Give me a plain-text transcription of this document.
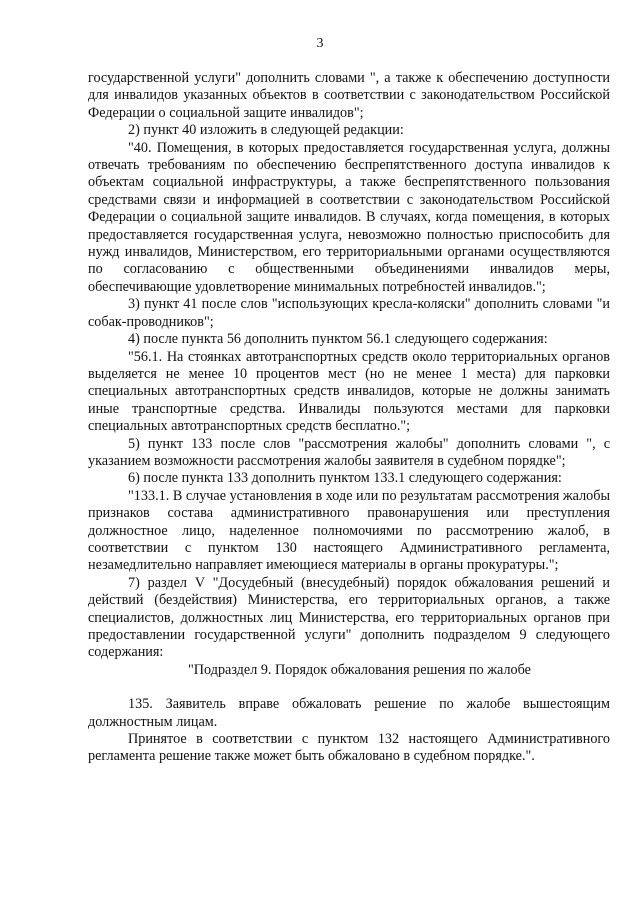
3

государственной услуги" дополнить словами ", а также к обеспечению доступности для инвалидов указанных объектов в соответствии с законодательством Российской Федерации о социальной защите инвалидов";

2) пункт 40 изложить в следующей редакции:

"40. Помещения, в которых предоставляется государственная услуга, должны отвечать требованиям по обеспечению беспрепятственного доступа инвалидов к объектам социальной инфраструктуры, а также беспрепятственного пользования средствами связи и информацией в соответствии с законодательством Российской Федерации о социальной защите инвалидов. В случаях, когда помещения, в которых предоставляется государственная услуга, невозможно полностью приспособить для нужд инвалидов, Министерством, его территориальными органами осуществляются по согласованию с общественными объединениями инвалидов меры, обеспечивающие удовлетворение минимальных потребностей инвалидов.";

3) пункт 41 после слов "использующих кресла-коляски" дополнить словами "и собак-проводников";

4) после пункта 56 дополнить пунктом 56.1 следующего содержания:

"56.1. На стоянках автотранспортных средств около территориальных органов выделяется не менее 10 процентов мест (но не менее 1 места) для парковки специальных автотранспортных средств инвалидов, которые не должны занимать иные транспортные средства. Инвалиды пользуются местами для парковки специальных автотранспортных средств бесплатно.";

5) пункт 133 после слов "рассмотрения жалобы" дополнить словами ", с указанием возможности рассмотрения жалобы заявителя в судебном порядке";

6) после пункта 133 дополнить пунктом 133.1 следующего содержания:

"133.1. В случае установления в ходе или по результатам рассмотрения жалобы признаков состава административного правонарушения или преступления должностное лицо, наделенное полномочиями по рассмотрению жалоб, в соответствии с пунктом 130 настоящего Административного регламента, незамедлительно направляет имеющиеся материалы в органы прокуратуры.";

7) раздел V "Досудебный (внесудебный) порядок обжалования решений и действий (бездействия) Министерства, его территориальных органов, а также специалистов, должностных лиц Министерства, его территориальных органов при предоставлении государственной услуги" дополнить подразделом 9 следующего содержания:

"Подраздел 9. Порядок обжалования решения по жалобе

135. Заявитель вправе обжаловать решение по жалобе вышестоящим должностным лицам.

Принятое в соответствии с пунктом 132 настоящего Административного регламента решение также может быть обжаловано в судебном порядке.".
